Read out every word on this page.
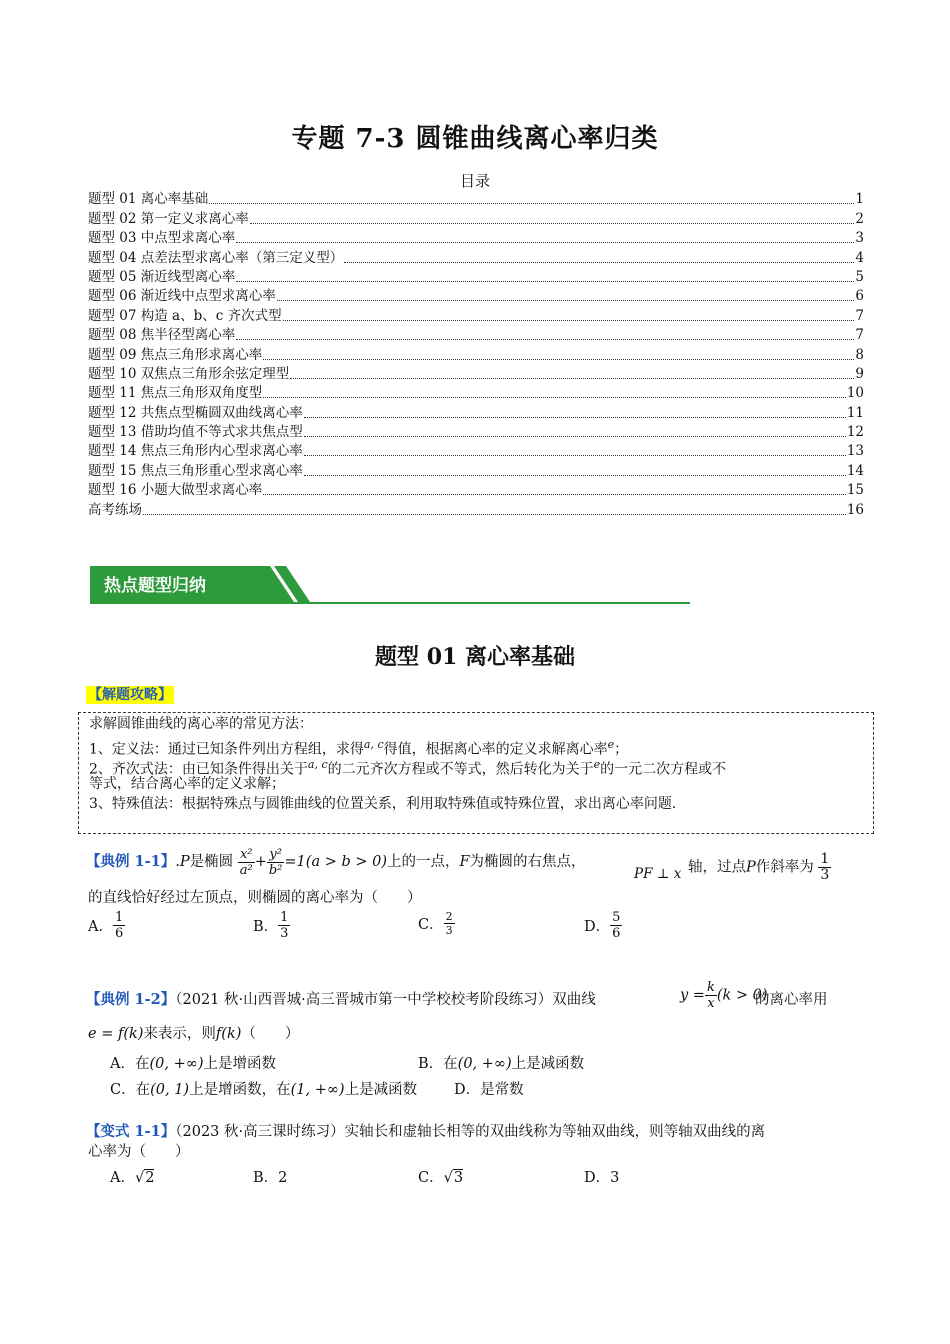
专题 7-3 圆锥曲线离心率归类
目录
题型 01 离心率基础	1
题型 02 第一定义求离心率	2
题型 03 中点型求离心率	3
题型 04 点差法型求离心率（第三定义型）	4
题型 05 渐近线型离心率	5
题型 06 渐近线中点型求离心率	6
题型 07 构造 a、b、c 齐次式型	7
题型 08 焦半径型离心率	7
题型 09 焦点三角形求离心率	8
题型 10 双焦点三角形余弦定理型	9
题型 11 焦点三角形双角度型	10
题型 12 共焦点型椭圆双曲线离心率	11
题型 13 借助均值不等式求共焦点型	12
题型 14 焦点三角形内心型求离心率	13
题型 15 焦点三角形重心型求离心率	14
题型 16 小题大做型求离心率	15
高考练场	16
热点题型归纳
题型 01 离心率基础
【解题攻略】
求解圆锥曲线的离心率的常见方法：
1、定义法：通过已知条件列出方程组，求得$^{a, c}$得值，根据离心率的定义求解离心率$^e$；
2、齐次式法：由已知条件得出关于$^{a, c}$的二元齐次方程或不等式，然后转化为关于$^e$的一元二次方程或不
等式，结合离心率的定义求解；
3、特殊值法：根据特殊点与圆锥曲线的位置关系，利用取特殊值或特殊位置，求出离心率问题.
【典例 1-1】.P是椭圆 $\frac{\text{x²}}{\text{a²}} + \frac{\text{y²}}{\text{b²}} =1(a > b > 0)$上的一点，F为椭圆的右焦点，
PF ⊥ x 轴，过点P作斜率为 $\frac{1}{3}$
的直线恰好经过左顶点，则椭圆的离心率为（　　）
A． $\frac{1}{6}$	B． $\frac{1}{3}$	C． $\frac{2}{3}$	D． $\frac{5}{6}$
【典例 1-2】（2021 秋·山西晋城·高三晋城市第一中学校校考阶段练习）双曲线	$y = \frac{k}{x} (k > 0)$
的离心率用
e = f(k)来表示，则f(k)（　　）
A．在(0, +∞)上是增函数	B．在(0, +∞)上是减函数
C．在(0, 1)上是增函数，在(1, +∞)上是减函数	D．是常数
【变式 1-1】（2023 秋·高三课时练习）实轴长和虚轴长相等的双曲线称为等轴双曲线，则等轴双曲线的离
心率为（　　）
A．√2	B．2	C．√3	D．3
